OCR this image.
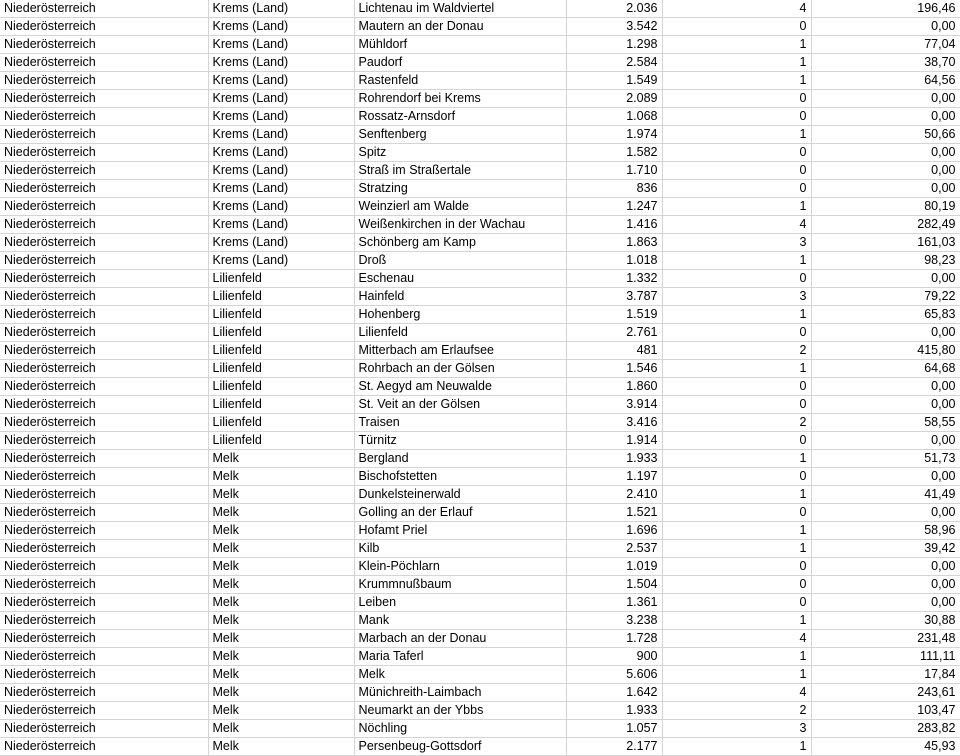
Niederösterreich	Krems (Land)	Lichtenau im Waldviertel	2.036	4	196,46
Niederösterreich	Krems (Land)	Mautern an der Donau	3.542	0	0,00
Niederösterreich	Krems (Land)	Mühldorf	1.298	1	77,04
Niederösterreich	Krems (Land)	Paudorf	2.584	1	38,70
Niederösterreich	Krems (Land)	Rastenfeld	1.549	1	64,56
Niederösterreich	Krems (Land)	Rohrendorf bei Krems	2.089	0	0,00
Niederösterreich	Krems (Land)	Rossatz-Arnsdorf	1.068	0	0,00
Niederösterreich	Krems (Land)	Senftenberg	1.974	1	50,66
Niederösterreich	Krems (Land)	Spitz	1.582	0	0,00
Niederösterreich	Krems (Land)	Straß im Straßertale	1.710	0	0,00
Niederösterreich	Krems (Land)	Stratzing	836	0	0,00
Niederösterreich	Krems (Land)	Weinzierl am Walde	1.247	1	80,19
Niederösterreich	Krems (Land)	Weißenkirchen in der Wachau	1.416	4	282,49
Niederösterreich	Krems (Land)	Schönberg am Kamp	1.863	3	161,03
Niederösterreich	Krems (Land)	Droß	1.018	1	98,23
Niederösterreich	Lilienfeld	Eschenau	1.332	0	0,00
Niederösterreich	Lilienfeld	Hainfeld	3.787	3	79,22
Niederösterreich	Lilienfeld	Hohenberg	1.519	1	65,83
Niederösterreich	Lilienfeld	Lilienfeld	2.761	0	0,00
Niederösterreich	Lilienfeld	Mitterbach am Erlaufsee	481	2	415,80
Niederösterreich	Lilienfeld	Rohrbach an der Gölsen	1.546	1	64,68
Niederösterreich	Lilienfeld	St. Aegyd am Neuwalde	1.860	0	0,00
Niederösterreich	Lilienfeld	St. Veit an der Gölsen	3.914	0	0,00
Niederösterreich	Lilienfeld	Traisen	3.416	2	58,55
Niederösterreich	Lilienfeld	Türnitz	1.914	0	0,00
Niederösterreich	Melk	Bergland	1.933	1	51,73
Niederösterreich	Melk	Bischofstetten	1.197	0	0,00
Niederösterreich	Melk	Dunkelsteinerwald	2.410	1	41,49
Niederösterreich	Melk	Golling an der Erlauf	1.521	0	0,00
Niederösterreich	Melk	Hofamt Priel	1.696	1	58,96
Niederösterreich	Melk	Kilb	2.537	1	39,42
Niederösterreich	Melk	Klein-Pöchlarn	1.019	0	0,00
Niederösterreich	Melk	Krummnußbaum	1.504	0	0,00
Niederösterreich	Melk	Leiben	1.361	0	0,00
Niederösterreich	Melk	Mank	3.238	1	30,88
Niederösterreich	Melk	Marbach an der Donau	1.728	4	231,48
Niederösterreich	Melk	Maria Taferl	900	1	111,11
Niederösterreich	Melk	Melk	5.606	1	17,84
Niederösterreich	Melk	Münichreith-Laimbach	1.642	4	243,61
Niederösterreich	Melk	Neumarkt an der Ybbs	1.933	2	103,47
Niederösterreich	Melk	Nöchling	1.057	3	283,82
Niederösterreich	Melk	Persenbeug-Gottsdorf	2.177	1	45,93
